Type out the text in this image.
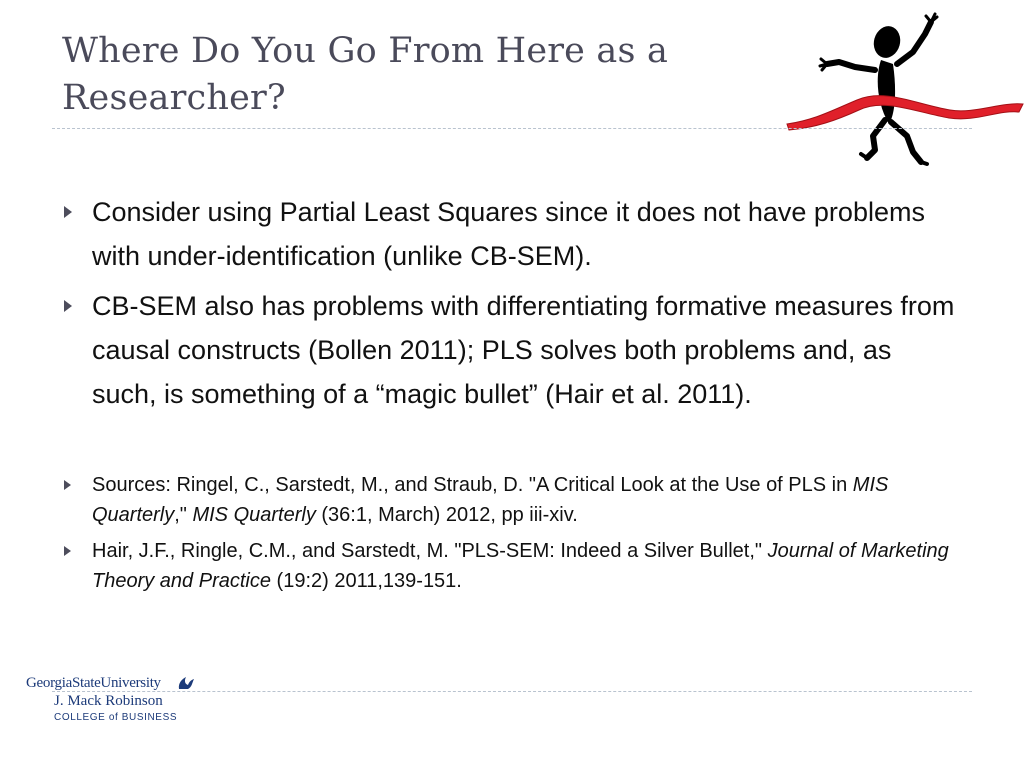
Where Do You Go From Here as a Researcher?
Consider using Partial Least Squares since it does not have problems with under-identification (unlike CB-SEM).
CB-SEM also has problems with differentiating formative measures from causal constructs (Bollen 2011); PLS solves both problems and, as such, is something of a “magic bullet” (Hair et al. 2011).
Sources: Ringel, C., Sarstedt, M., and Straub, D. "A Critical Look at the Use of PLS in MIS Quarterly," MIS Quarterly (36:1, March) 2012, pp iii-xiv.
Hair, J.F., Ringle, C.M., and Sarstedt, M. "PLS-SEM: Indeed a Silver Bullet," Journal of Marketing Theory and Practice (19:2) 2011,139-151.
GeorgiaStateUniversity
J. Mack Robinson
COLLEGE of BUSINESS
